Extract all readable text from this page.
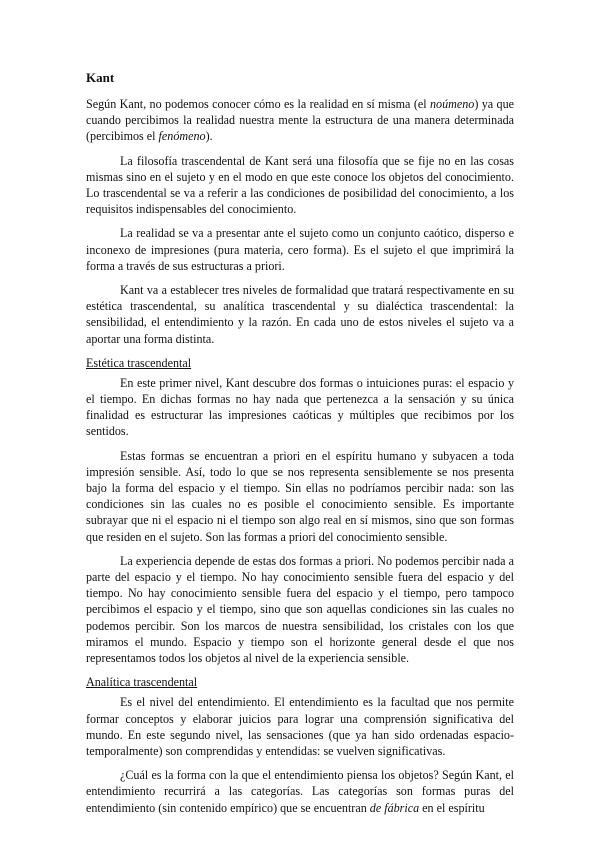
Kant

Según Kant, no podemos conocer cómo es la realidad en sí misma (el noúmeno) ya que cuando percibimos la realidad nuestra mente la estructura de una manera determinada (percibimos el fenómeno).

La filosofía trascendental de Kant será una filosofía que se fije no en las cosas mismas sino en el sujeto y en el modo en que este conoce los objetos del conocimiento. Lo trascendental se va a referir a las condiciones de posibilidad del conocimiento, a los requisitos indispensables del conocimiento.

La realidad se va a presentar ante el sujeto como un conjunto caótico, disperso e inconexo de impresiones (pura materia, cero forma). Es el sujeto el que imprimirá la forma a través de sus estructuras a priori.

Kant va a establecer tres niveles de formalidad que tratará respectivamente en su estética trascendental, su analítica trascendental y su dialéctica trascendental: la sensibilidad, el entendimiento y la razón. En cada uno de estos niveles el sujeto va a aportar una forma distinta.

Estética trascendental

En este primer nivel, Kant descubre dos formas o intuiciones puras: el espacio y el tiempo. En dichas formas no hay nada que pertenezca a la sensación y su única finalidad es estructurar las impresiones caóticas y múltiples que recibimos por los sentidos.

Estas formas se encuentran a priori en el espíritu humano y subyacen a toda impresión sensible. Así, todo lo que se nos representa sensiblemente se nos presenta bajo la forma del espacio y el tiempo. Sin ellas no podríamos percibir nada: son las condiciones sin las cuales no es posible el conocimiento sensible. Es importante subrayar que ni el espacio ni el tiempo son algo real en sí mismos, sino que son formas que residen en el sujeto. Son las formas a priori del conocimiento sensible.

La experiencia depende de estas dos formas a priori. No podemos percibir nada a parte del espacio y el tiempo. No hay conocimiento sensible fuera del espacio y del tiempo. No hay conocimiento sensible fuera del espacio y el tiempo, pero tampoco percibimos el espacio y el tiempo, sino que son aquellas condiciones sin las cuales no podemos percibir. Son los marcos de nuestra sensibilidad, los cristales con los que miramos el mundo. Espacio y tiempo son el horizonte general desde el que nos representamos todos los objetos al nivel de la experiencia sensible.

Analítica trascendental

Es el nivel del entendimiento. El entendimiento es la facultad que nos permite formar conceptos y elaborar juicios para lograr una comprensión significativa del mundo. En este segundo nivel, las sensaciones (que ya han sido ordenadas espacio-temporalmente) son comprendidas y entendidas: se vuelven significativas.

¿Cuál es la forma con la que el entendimiento piensa los objetos? Según Kant, el entendimiento recurrirá a las categorías. Las categorías son formas puras del entendimiento (sin contenido empírico) que se encuentran de fábrica en el espíritu
